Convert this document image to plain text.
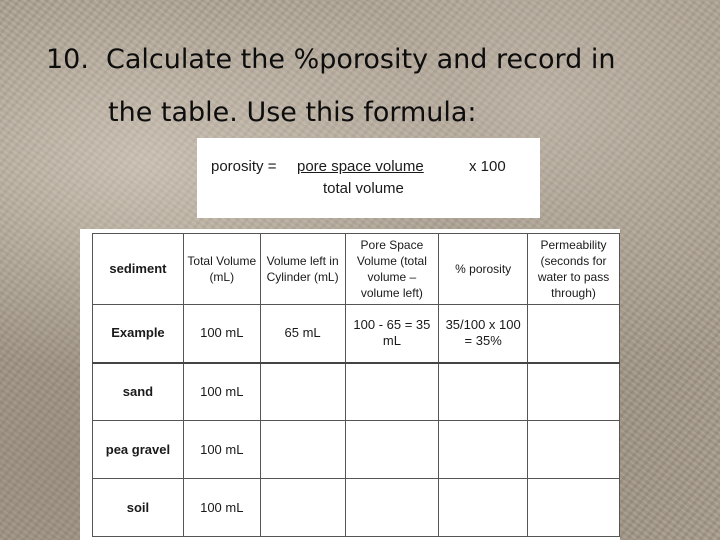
10. Calculate the %porosity and record in
the table. Use this formula:
porosity = pore space volume	x 100
total volume
sediment	Total Volume (mL)	Volume left in Cylinder (mL)	Pore Space Volume (total volume – volume left)	% porosity	Permeability (seconds for water to pass through)
Example	100 mL	65 mL	100 - 65 = 35 mL	35/100 x 100 = 35%	
sand	100 mL				
pea gravel	100 mL				
soil	100 mL				
